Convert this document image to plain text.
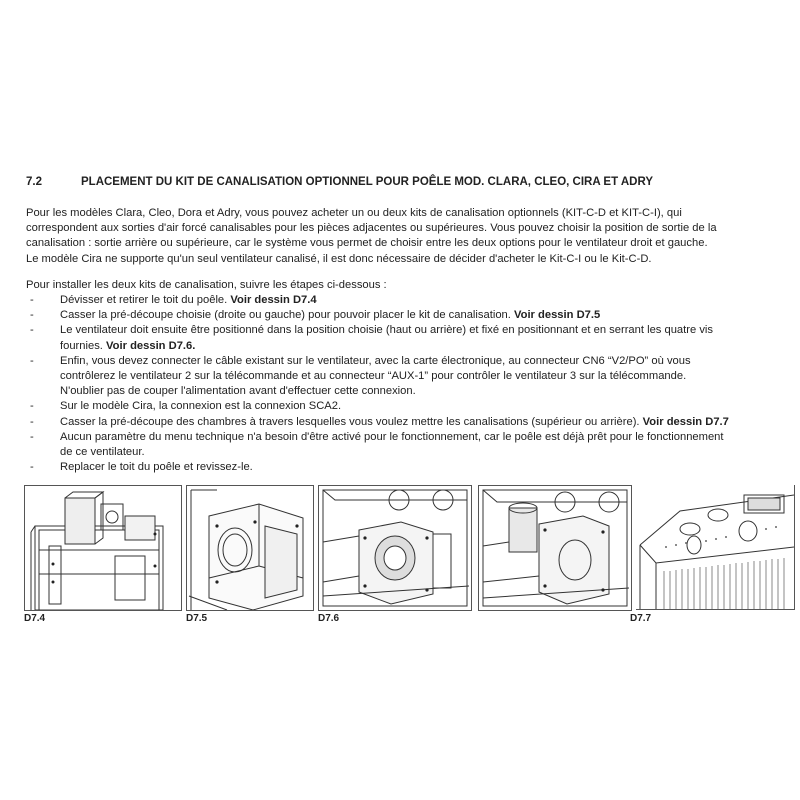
7.2	PLACEMENT DU KIT DE CANALISATION OPTIONNEL POUR POÊLE MOD. CLARA, CLEO, CIRA ET ADRY

Pour les modèles Clara, Cleo, Dora et Adry, vous pouvez acheter un ou deux kits de canalisation optionnels (KIT-C-D et KIT-C-I), qui

correspondent aux sorties d'air forcé canalisables pour les pièces adjacentes ou supérieures. Vous pouvez choisir la position de sortie de la

canalisation : sortie arrière ou supérieure, car le système vous permet de choisir entre les deux options pour le ventilateur droit et gauche.

Le modèle Cira ne supporte qu'un seul ventilateur canalisé, il est donc nécessaire de décider d'acheter le Kit-C-I ou le Kit-C-D.

Pour installer les deux kits de canalisation, suivre les étapes ci-dessous :

- Dévisser et retirer le toit du poêle. Voir dessin D7.4
- Casser la pré-découpe choisie (droite ou gauche) pour pouvoir placer le kit de canalisation. Voir dessin D7.5
- Le ventilateur doit ensuite être positionné dans la position choisie (haut ou arrière) et fixé en positionnant et en serrant les quatre vis
fournies. Voir dessin D7.6.
- Enfin, vous devez connecter le câble existant sur le ventilateur, avec la carte électronique, au connecteur CN6 “V2/PO” où vous
contrôlerez le ventilateur 2 sur la télécommande et au connecteur “AUX-1” pour contrôler le ventilateur 3 sur la télécommande.
N'oublier pas de couper l'alimentation avant d'effectuer cette connexion.
- Sur le modèle Cira, la connexion est la connexion SCA2.
- Casser la pré-découpe des chambres à travers lesquelles vous voulez mettre les canalisations (supérieur ou arrière). Voir dessin D7.7
- Aucun paramètre du menu technique n'a besoin d'être activé pour le fonctionnement, car le poêle est déjà prêt pour le fonctionnement
de ce ventilateur.
- Replacer le toit du poêle et revissez-le.
D7.4	D7.5	D7.6	D7.7
